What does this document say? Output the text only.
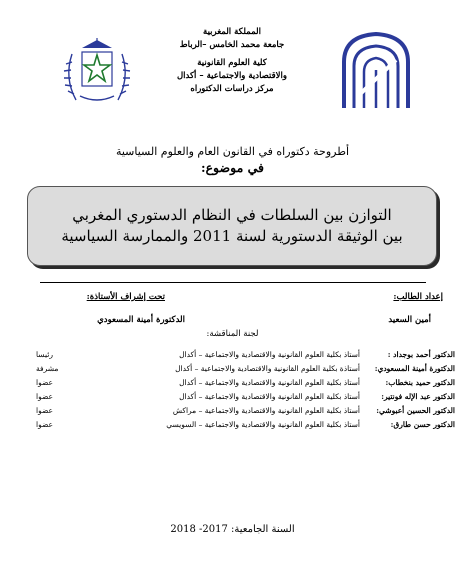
المملكة المغربية
جامعة محمد الخامس –الرباط
كلية العلوم القانونية
والاقتصادية والاجتماعية – أكدال
مركز دراسات الدكتوراه
أطروحة دكتوراه في القانون العام والعلوم السياسية
في موضوع:
التوازن بين السلطات في النظام الدستوري المغربي
بين الوثيقة الدستورية لسنة 2011 والممارسة السياسية
إعداد الطالب:
أمين السعيد
تحت إشراف الأستاذة:
الدكتورة أمينة المسعودي
لجنة المناقشة:
الدكتور أحمد بوجداد :
أستاذ بكلية العلوم القانونية والاقتصادية والاجتماعية – أكدال
رئيسا
الدكتورة أمينة المسعودي:
أستاذة بكلية العلوم القانونية والاقتصادية والاجتماعية – أكدال
مشرفة
الدكتور حميد بنخطاب:
أستاذ بكلية العلوم القانونية والاقتصادية والاجتماعية – أكدال
عضوا
الدكتور عبد الإله فونتير:
أستاذ بكلية العلوم القانونية والاقتصادية والاجتماعية – أكدال
عضوا
الدكتور الحسين أعبوشي:
أستاذ بكلية العلوم القانونية والاقتصادية والاجتماعية – مراكش
عضوا
الدكتور حسن طارق:
أستاذ بكلية العلوم القانونية والاقتصادية والاجتماعية – السويسي
عضوا
السنة الجامعية: 2017- 2018
